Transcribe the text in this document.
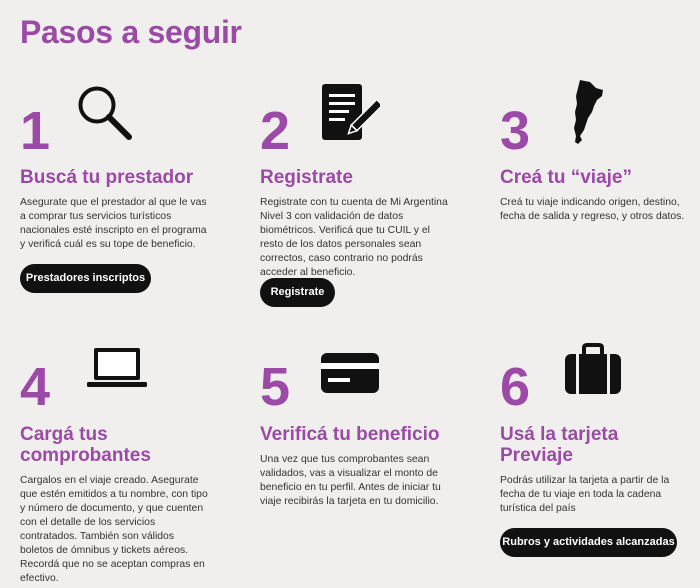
Pasos a seguir
1
Buscá tu prestador
Asegurate que el prestador al que le vas a comprar tus servicios turísticos nacionales esté inscripto en el programa y verificá cuál es su tope de beneficio.
Prestadores inscriptos
2
Registrate
Registrate con tu cuenta de Mi Argentina Nivel 3 con validación de datos biométricos. Verificá que tu CUIL y el resto de los datos personales sean correctos, caso contrario no podrás acceder al beneficio.
Registrate
3
Creá tu “viaje”
Creá tu viaje indicando origen, destino, fecha de salida y regreso, y otros datos.
4
Cargá tus comprobantes
Cargalos en el viaje creado. Asegurate que estén emitidos a tu nombre, con tipo y número de documento, y que cuenten con el detalle de los servicios contratados. También son válidos boletos de ómnibus y tickets aéreos. Recordá que no se aceptan compras en efectivo.
5
Verificá tu beneficio
Una vez que tus comprobantes sean validados, vas a visualizar el monto de beneficio en tu perfil. Antes de iniciar tu viaje recibirás la tarjeta en tu domicilio.
6
Usá la tarjeta Previaje
Podrás utilizar la tarjeta a partir de la fecha de tu viaje en toda la cadena turística del país
Rubros y actividades alcanzadas
